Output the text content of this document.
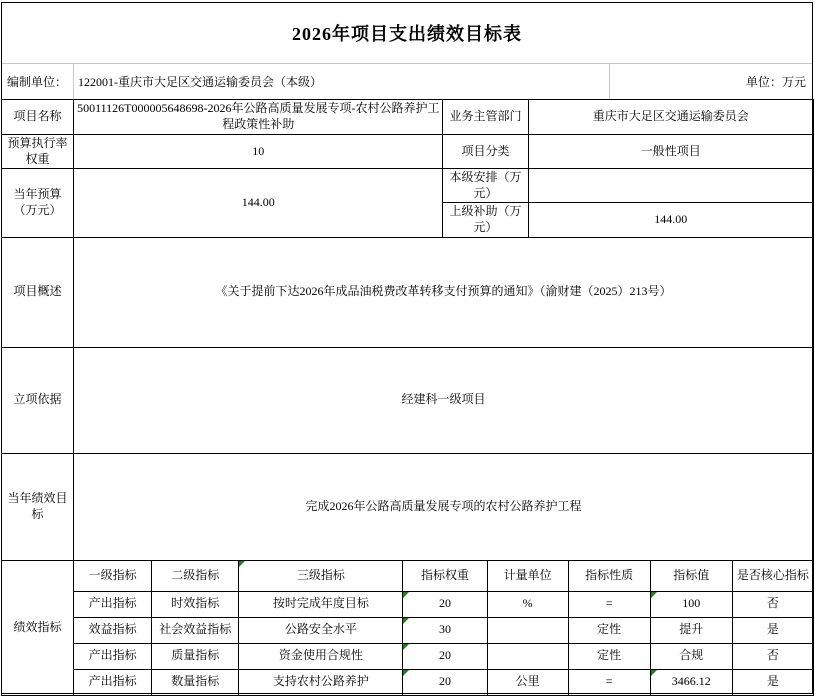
2026年项目支出绩效目标表
编制单位： 122001-重庆市大足区交通运输委员会（本级）	单位：万元
项目名称	50011126T000005648698-2026年公路高质量发展专项-农村公路养护工程政策性补助				业务主管部门		重庆市大足区交通运输委员会			
预算执行率权重	10				项目分类		一般性项目			
当年预算（万元）	144.00				本级安排（万元）					
					上级补助（万元）		144.00			
项目概述	《关于提前下达2026年成品油税费改革转移支付预算的通知》（渝财建（2025）213号）									
立项依据	经建科一级项目									
当年绩效目标	完成2026年公路高质量发展专项的农村公路养护工程									
绩效指标	一级指标	二级指标	三级指标	指标权重		计量单位		指标性质	指标值	是否核心指标
	产出指标	时效指标	按时完成年度目标	20		%		=	100	否
	效益指标	社会效益指标	公路安全水平	30				定性	提升	是
	产出指标	质量指标	资金使用合规性	20				定性	合规	否
	产出指标	数量指标	支持农村公路养护	20		公里		=	3466.12	是
